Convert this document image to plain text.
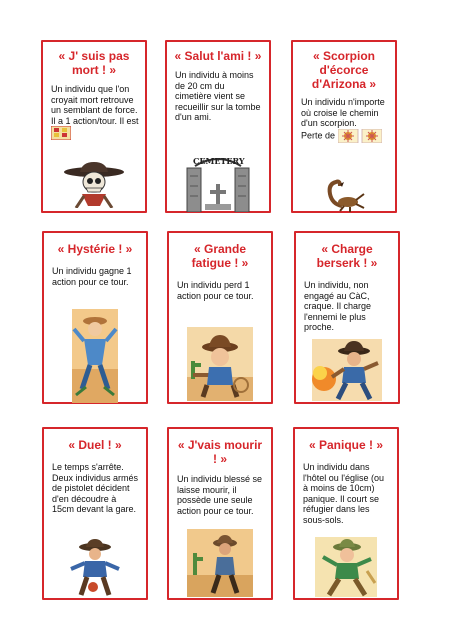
« J' suis pas mort ! »
Un individu que l'on croyait mort retrouve un semblant de force. Il a 1 action/tour. Il est
« Salut l'ami ! »
Un individu à moins de 20 cm du cimetière vient se recueillir sur la tombe d'un ami.
CEMETERY
« Scorpion d'écorce d'Arizona »
Un individu n'importe où croise le chemin d'un scorpion.
Perte de
« Hystérie ! »
Un individu gagne 1 action pour ce tour.
« Grande fatigue ! »
Un individu perd 1 action pour ce tour.
« Charge berserk ! »
Un individu, non engagé au CàC, craque. Il charge l'ennemi le plus proche.
« Duel ! »
Le temps s'arrête. Deux individus armés de pistolet décident d'en découdre à 15cm devant la gare.
« J'vais mourir ! »
Un individu blessé se laisse mourir, il possède une seule action pour ce tour.
« Panique ! »
Un individu dans l'hôtel ou l'église (ou à moins de 10cm) panique. Il court se réfugier dans les sous-sols.
